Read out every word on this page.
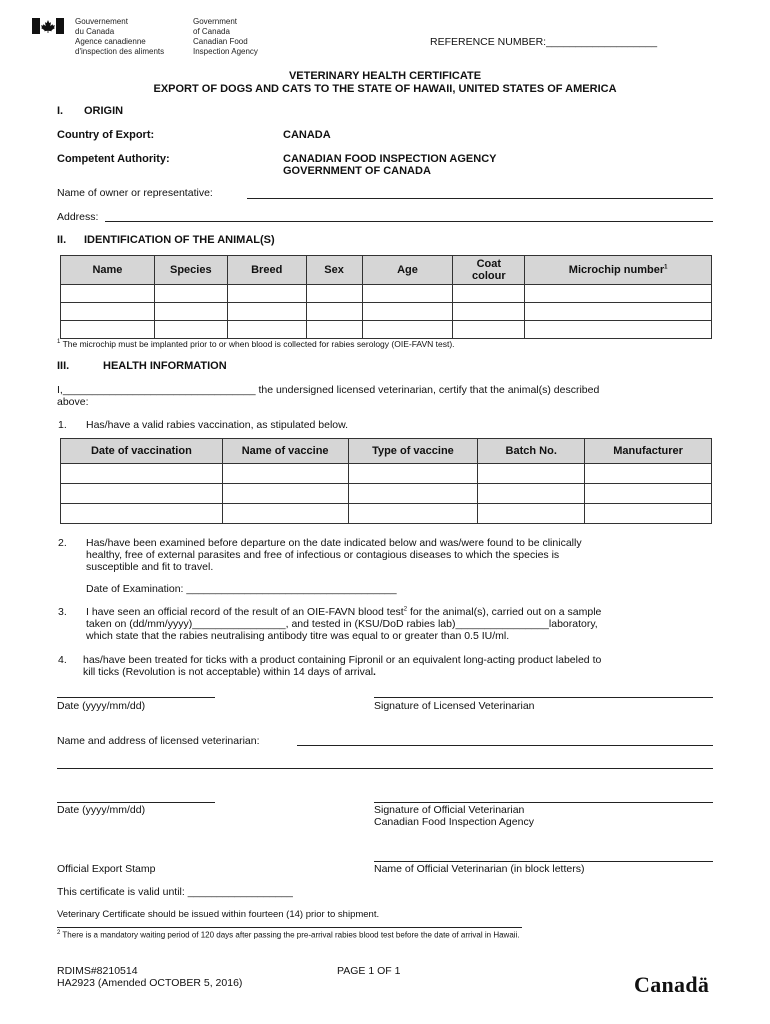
Gouvernement
du Canada
Government
of Canada
Agence canadienne
d'inspection des aliments
Canadian Food
Inspection Agency
REFERENCE NUMBER:___________________
VETERINARY HEALTH CERTIFICATE
EXPORT OF DOGS AND CATS TO THE STATE OF HAWAII, UNITED STATES OF AMERICA
I. ORIGIN
Country of Export:	CANADA
Competent Authority:	CANADIAN FOOD INSPECTION AGENCY
GOVERNMENT OF CANADA
Name of owner or representative:
Address:
II. IDENTIFICATION OF THE ANIMAL(S)
Name	Species	Breed	Sex	Age	Coat colour	Microchip number$^1$

$^1$ The microchip must be implanted prior to or when blood is collected for rabies serology (OIE-FAVN test).
III.	HEALTH INFORMATION
I,_________________________________ the undersigned licensed veterinarian, certify that the animal(s) described
above:
1. Has/have a valid rabies vaccination, as stipulated below.
Date of vaccination	Name of vaccine	Type of vaccine	Batch No.	Manufacturer

2. Has/have been examined before departure on the date indicated below and was/were found to be clinically
healthy, free of external parasites and free of infectious or contagious diseases to which the species is
susceptible and fit to travel.
Date of Examination: ____________________________________
3. I have seen an official record of the result of an OIE-FAVN blood test$^2$ for the animal(s), carried out on a sample
taken on (dd/mm/yyyy)________________, and tested in (KSU/DoD rabies lab)________________laboratory,
which state that the rabies neutralising antibody titre was equal to or greater than 0.5 IU/ml.
4. has/have been treated for ticks with a product containing Fipronil or an equivalent long-acting product labeled to
kill ticks (Revolution is not acceptable) within 14 days of arrival.
Date (yyyy/mm/dd)	Signature of Licensed Veterinarian
Name and address of licensed veterinarian:
Date (yyyy/mm/dd)	Signature of Official Veterinarian
Canadian Food Inspection Agency
Official Export Stamp	Name of Official Veterinarian (in block letters)
This certificate is valid until: __________________
Veterinary Certificate should be issued within fourteen (14) prior to shipment.
$^2$ There is a mandatory waiting period of 120 days after passing the pre-arrival rabies blood test before the date of arrival in Hawaii.
RDIMS#8210514
HA2923 (Amended OCTOBER 5, 2016)
PAGE 1 OF 1
Canadä
